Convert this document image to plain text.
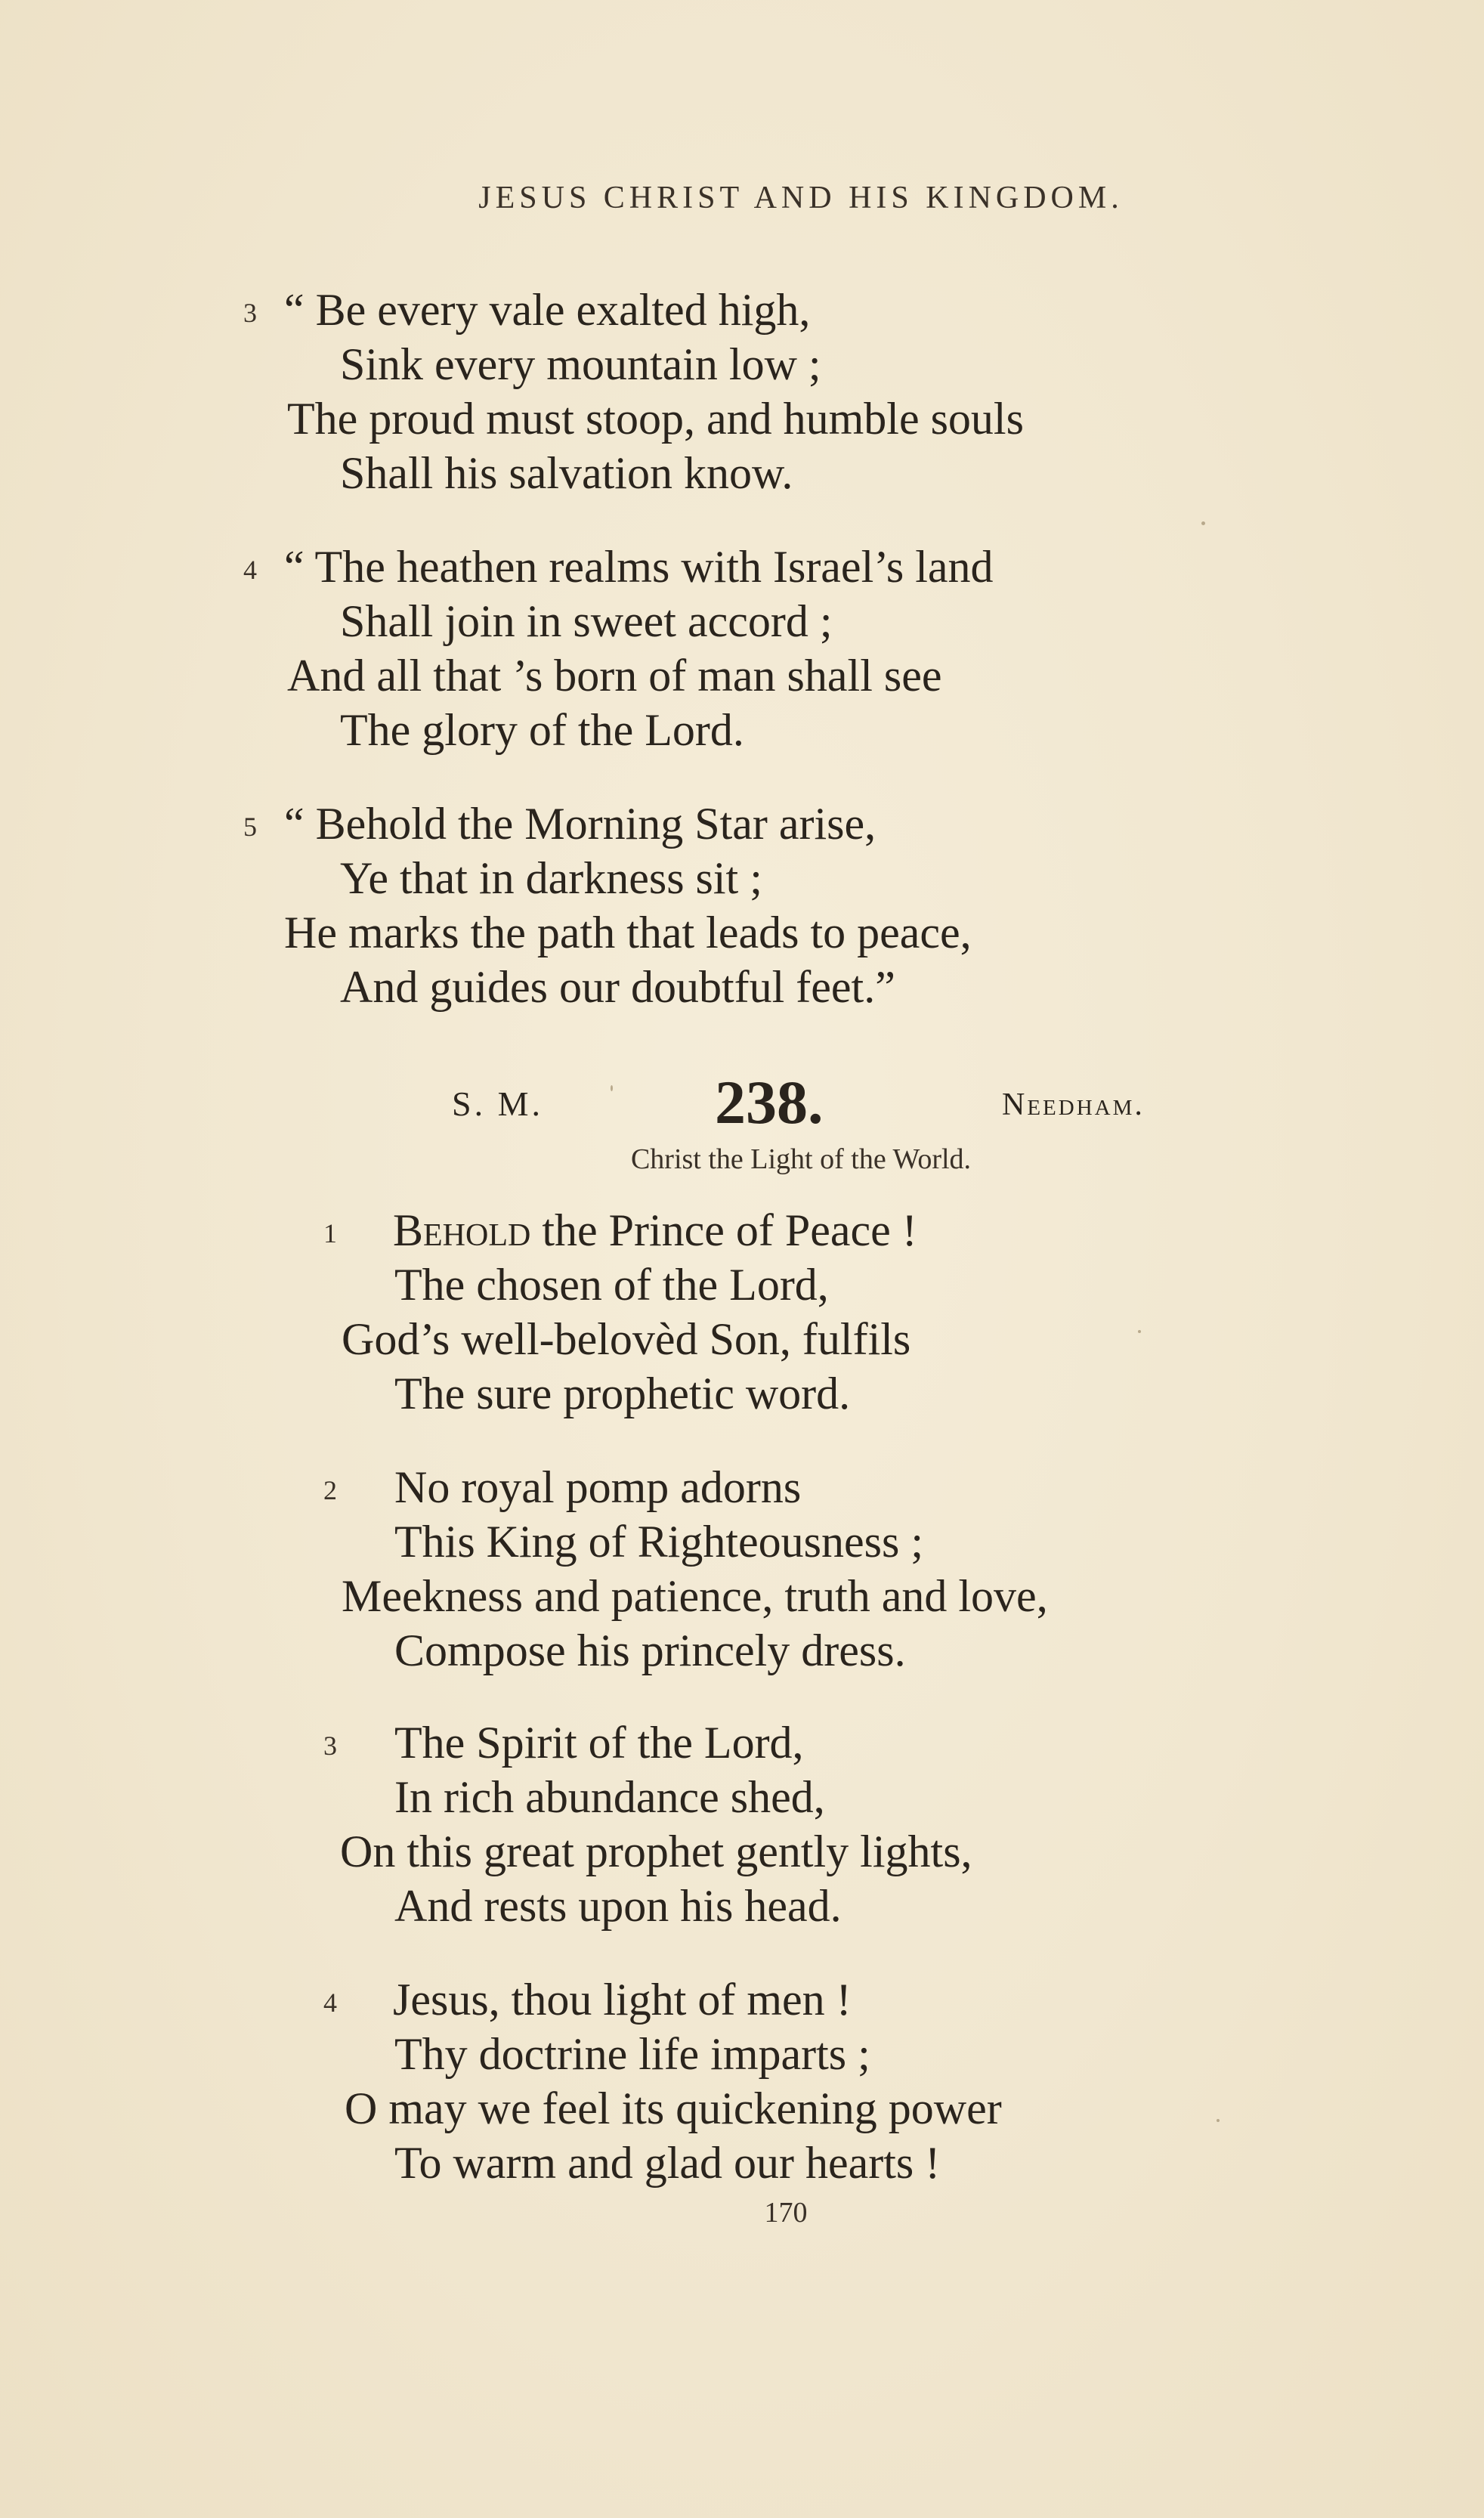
JESUS CHRIST AND HIS KINGDOM.
3 “ Be every vale exalted high,
Sink every mountain low ;
The proud must stoop, and humble souls
Shall his salvation know.
4 “ The heathen realms with Israel’s land
Shall join in sweet accord ;
And all that ’s born of man shall see
The glory of the Lord.
5 “ Behold the Morning Star arise,
Ye that in darkness sit ;
He marks the path that leads to peace,
And guides our doubtful feet.”
S. M.	238.	Needham.
Christ the Light of the World.
1 Behold the Prince of Peace !
The chosen of the Lord,
God’s well-belovèd Son, fulfils
The sure prophetic word.
2 No royal pomp adorns
This King of Righteousness ;
Meekness and patience, truth and love,
Compose his princely dress.
3 The Spirit of the Lord,
In rich abundance shed,
On this great prophet gently lights,
And rests upon his head.
4 Jesus, thou light of men !
Thy doctrine life imparts ;
O may we feel its quickening power
To warm and glad our hearts !
170
